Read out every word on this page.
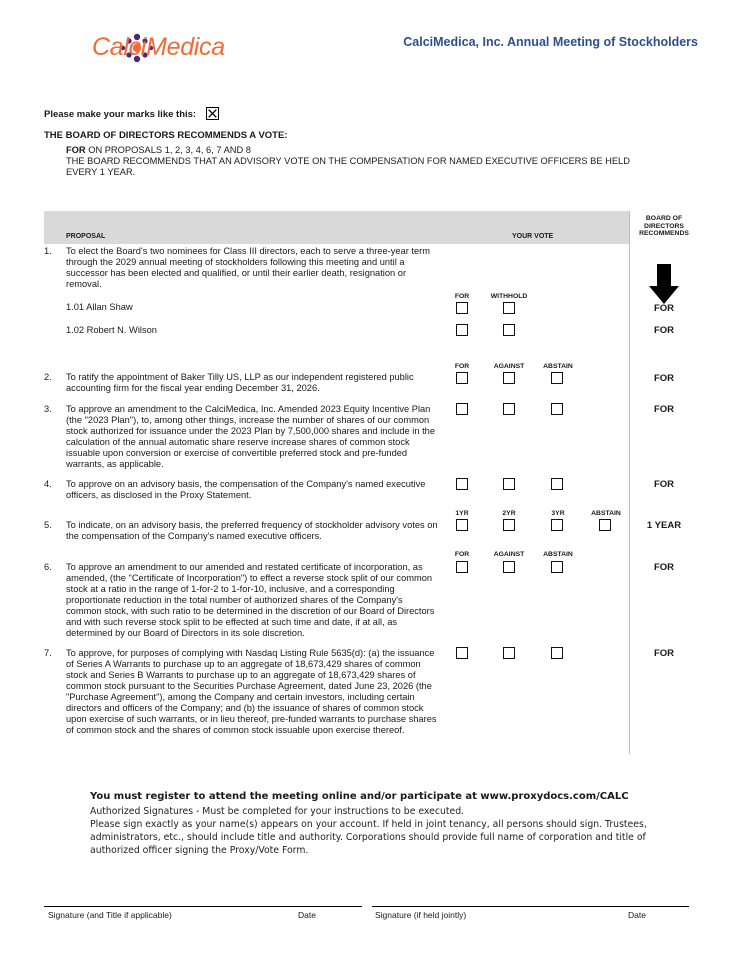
CalciMedica	CalciMedica, Inc. Annual Meeting of Stockholders
Please make your marks like this:
THE BOARD OF DIRECTORS RECOMMENDS A VOTE:
FOR ON PROPOSALS 1, 2, 3, 4, 6, 7 AND 8
THE BOARD RECOMMENDS THAT AN ADVISORY VOTE ON THE COMPENSATION FOR NAMED EXECUTIVE OFFICERS BE HELD EVERY 1 YEAR.
PROPOSAL	YOUR VOTE
BOARD OF DIRECTORS RECOMMENDS
1. To elect the Board's two nominees for Class III directors, each to serve a three-year term through the 2029 annual meeting of stockholders following this meeting and until a successor has been elected and qualified, or until their earlier death, resignation or removal.
FOR	WITHHOLD
1.01 Allan Shaw	FOR
1.02 Robert N. Wilson	FOR
FOR	AGAINST	ABSTAIN
2. To ratify the appointment of Baker Tilly US, LLP as our independent registered public accounting firm for the fiscal year ending December 31, 2026.
FOR
3. To approve an amendment to the CalciMedica, Inc. Amended 2023 Equity Incentive Plan (the "2023 Plan"), to, among other things, increase the number of shares of our common stock authorized for issuance under the 2023 Plan by 7,500,000 shares and include in the calculation of the annual automatic share reserve increase shares of common stock issuable upon conversion or exercise of convertible preferred stock and pre-funded warrants, as applicable.
FOR
4. To approve on an advisory basis, the compensation of the Company's named executive officers, as disclosed in the Proxy Statement.
FOR
1YR	2YR	3YR	ABSTAIN
5. To indicate, on an advisory basis, the preferred frequency of stockholder advisory votes on the compensation of the Company's named executive officers.
1 YEAR
FOR	AGAINST	ABSTAIN
6. To approve an amendment to our amended and restated certificate of incorporation, as amended, (the "Certificate of Incorporation") to effect a reverse stock split of our common stock at a ratio in the range of 1-for-2 to 1-for-10, inclusive, and a corresponding proportionate reduction in the total number of authorized shares of the Company's common stock, with such ratio to be determined in the discretion of our Board of Directors and with such reverse stock split to be effected at such time and date, if at all, as determined by our Board of Directors in its sole discretion.
FOR
7. To approve, for purposes of complying with Nasdaq Listing Rule 5635(d): (a) the issuance of Series A Warrants to purchase up to an aggregate of 18,673,429 shares of common stock and Series B Warrants to purchase up to an aggregate of 18,673,429 shares of common stock pursuant to the Securities Purchase Agreement, dated June 23, 2026 (the "Purchase Agreement"), among the Company and certain investors, including certain directors and officers of the Company; and (b) the issuance of shares of common stock upon exercise of such warrants, or in lieu thereof, pre-funded warrants to purchase shares of common stock and the shares of common stock issuable upon exercise thereof.
FOR
You must register to attend the meeting online and/or participate at www.proxydocs.com/CALC
Authorized Signatures - Must be completed for your instructions to be executed.
Please sign exactly as your name(s) appears on your account. If held in joint tenancy, all persons should sign. Trustees, administrators, etc., should include title and authority. Corporations should provide full name of corporation and title of authorized officer signing the Proxy/Vote Form.
Signature (and Title if applicable)	Date	Signature (if held jointly)	Date
